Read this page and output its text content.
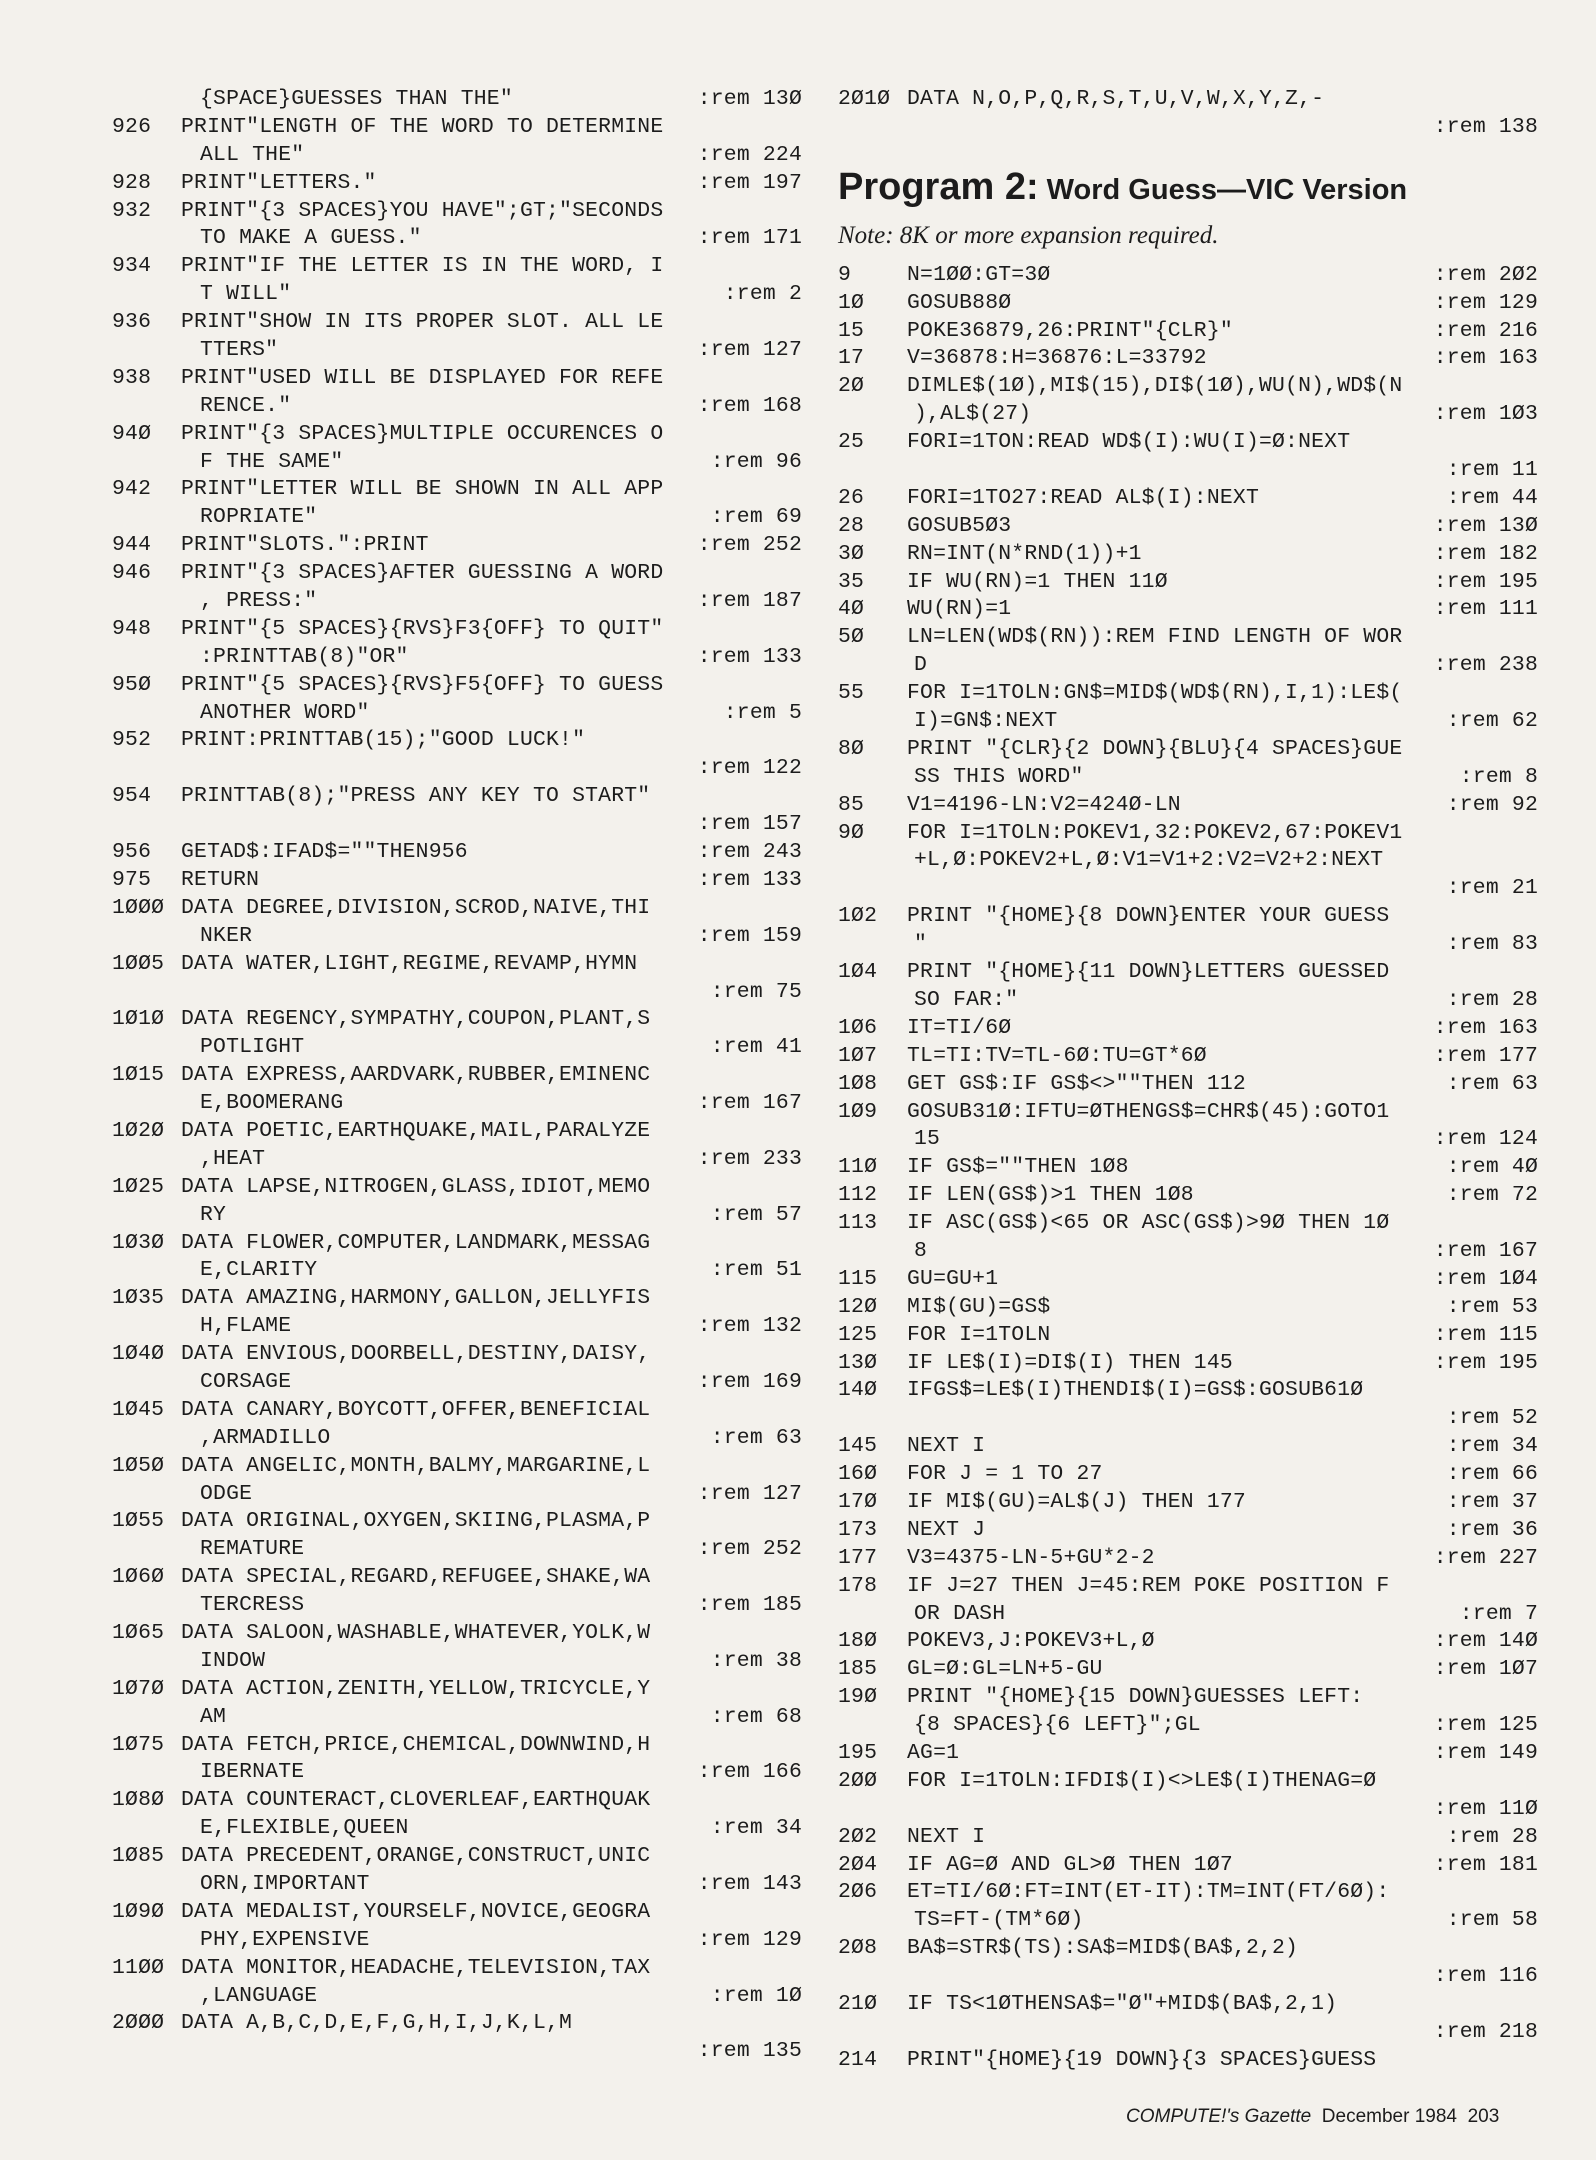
{SPACE}GUESSES THAN THE"	:rem 13Ø
926 PRINT"LENGTH OF THE WORD TO DETERMINE
ALL THE"	:rem 224
928 PRINT"LETTERS."	:rem 197
932 PRINT"{3 SPACES}YOU HAVE";GT;"SECONDS
TO MAKE A GUESS."	:rem 171
934 PRINT"IF THE LETTER IS IN THE WORD, I
T WILL"	:rem 2
936 PRINT"SHOW IN ITS PROPER SLOT. ALL LE
TTERS"	:rem 127
938 PRINT"USED WILL BE DISPLAYED FOR REFE
RENCE."	:rem 168
94Ø PRINT"{3 SPACES}MULTIPLE OCCURENCES O
F THE SAME"	:rem 96
942 PRINT"LETTER WILL BE SHOWN IN ALL APP
ROPRIATE"	:rem 69
944 PRINT"SLOTS.":PRINT	:rem 252
946 PRINT"{3 SPACES}AFTER GUESSING A WORD
, PRESS:"	:rem 187
948 PRINT"{5 SPACES}{RVS}F3{OFF} TO QUIT"
:PRINTTAB(8)"OR"	:rem 133
95Ø PRINT"{5 SPACES}{RVS}F5{OFF} TO GUESS
ANOTHER WORD"	:rem 5
952 PRINT:PRINTTAB(15);"GOOD LUCK!"
:rem 122
954 PRINTTAB(8);"PRESS ANY KEY TO START"
:rem 157
956 GETAD$:IFAD$=""THEN956	:rem 243
975 RETURN	:rem 133
1ØØØ DATA DEGREE,DIVISION,SCROD,NAIVE,THI
NKER	:rem 159
1ØØ5 DATA WATER,LIGHT,REGIME,REVAMP,HYMN
:rem 75
1Ø1Ø DATA REGENCY,SYMPATHY,COUPON,PLANT,S
POTLIGHT	:rem 41
1Ø15 DATA EXPRESS,AARDVARK,RUBBER,EMINENC
E,BOOMERANG	:rem 167
1Ø2Ø DATA POETIC,EARTHQUAKE,MAIL,PARALYZE
,HEAT	:rem 233
1Ø25 DATA LAPSE,NITROGEN,GLASS,IDIOT,MEMO
RY	:rem 57
1Ø3Ø DATA FLOWER,COMPUTER,LANDMARK,MESSAG
E,CLARITY	:rem 51
1Ø35 DATA AMAZING,HARMONY,GALLON,JELLYFIS
H,FLAME	:rem 132
1Ø4Ø DATA ENVIOUS,DOORBELL,DESTINY,DAISY,
CORSAGE	:rem 169
1Ø45 DATA CANARY,BOYCOTT,OFFER,BENEFICIAL
,ARMADILLO	:rem 63
1Ø5Ø DATA ANGELIC,MONTH,BALMY,MARGARINE,L
ODGE	:rem 127
1Ø55 DATA ORIGINAL,OXYGEN,SKIING,PLASMA,P
REMATURE	:rem 252
1Ø6Ø DATA SPECIAL,REGARD,REFUGEE,SHAKE,WA
TERCRESS	:rem 185
1Ø65 DATA SALOON,WASHABLE,WHATEVER,YOLK,W
INDOW	:rem 38
1Ø7Ø DATA ACTION,ZENITH,YELLOW,TRICYCLE,Y
AM	:rem 68
1Ø75 DATA FETCH,PRICE,CHEMICAL,DOWNWIND,H
IBERNATE	:rem 166
1Ø8Ø DATA COUNTERACT,CLOVERLEAF,EARTHQUAK
E,FLEXIBLE,QUEEN	:rem 34
1Ø85 DATA PRECEDENT,ORANGE,CONSTRUCT,UNIC
ORN,IMPORTANT	:rem 143
1Ø9Ø DATA MEDALIST,YOURSELF,NOVICE,GEOGRA
PHY,EXPENSIVE	:rem 129
11ØØ DATA MONITOR,HEADACHE,TELEVISION,TAX
,LANGUAGE	:rem 1Ø
2ØØØ DATA A,B,C,D,E,F,G,H,I,J,K,L,M
:rem 135
2Ø1Ø DATA N,O,P,Q,R,S,T,U,V,W,X,Y,Z,-
:rem 138
Program 2: Word Guess—VIC Version
Note: 8K or more expansion required.
9	N=1ØØ:GT=3Ø	:rem 2Ø2
1Ø GOSUB88Ø	:rem 129
15 POKE36879,26:PRINT"{CLR}"	:rem 216
17 V=36878:H=36876:L=33792	:rem 163
2Ø DIMLE$(1Ø),MI$(15),DI$(1Ø),WU(N),WD$(N
),AL$(27)	:rem 1Ø3
25 FORI=1TON:READ WD$(I):WU(I)=Ø:NEXT
:rem 11
26 FORI=1TO27:READ AL$(I):NEXT	:rem 44
28 GOSUB5Ø3	:rem 13Ø
3Ø RN=INT(N*RND(1))+1	:rem 182
35 IF WU(RN)=1 THEN 11Ø	:rem 195
4Ø WU(RN)=1	:rem 111
5Ø LN=LEN(WD$(RN)):REM FIND LENGTH OF WOR
D	:rem 238
55 FOR I=1TOLN:GN$=MID$(WD$(RN),I,1):LE$(
I)=GN$:NEXT	:rem 62
8Ø PRINT "{CLR}{2 DOWN}{BLU}{4 SPACES}GUE
SS THIS WORD"	:rem 8
85 V1=4196-LN:V2=424Ø-LN	:rem 92
9Ø FOR I=1TOLN:POKEV1,32:POKEV2,67:POKEV1
+L,Ø:POKEV2+L,Ø:V1=V1+2:V2=V2+2:NEXT
:rem 21
1Ø2 PRINT "{HOME}{8 DOWN}ENTER YOUR GUESS
"	:rem 83
1Ø4 PRINT "{HOME}{11 DOWN}LETTERS GUESSED
SO FAR:"	:rem 28
1Ø6 IT=TI/6Ø	:rem 163
1Ø7 TL=TI:TV=TL-6Ø:TU=GT*6Ø	:rem 177
1Ø8 GET GS$:IF GS$<>""THEN 112	:rem 63
1Ø9 GOSUB31Ø:IFTU=ØTHENGS$=CHR$(45):GOTO1
15	:rem 124
11Ø IF GS$=""THEN 1Ø8	:rem 4Ø
112 IF LEN(GS$)>1 THEN 1Ø8	:rem 72
113 IF ASC(GS$)<65 OR ASC(GS$)>9Ø THEN 1Ø
8	:rem 167
115 GU=GU+1	:rem 1Ø4
12Ø MI$(GU)=GS$	:rem 53
125 FOR I=1TOLN	:rem 115
13Ø IF LE$(I)=DI$(I) THEN 145	:rem 195
14Ø IFGS$=LE$(I)THENDI$(I)=GS$:GOSUB61Ø
:rem 52
145 NEXT I	:rem 34
16Ø FOR J = 1 TO 27	:rem 66
17Ø IF MI$(GU)=AL$(J) THEN 177	:rem 37
173 NEXT J	:rem 36
177 V3=4375-LN-5+GU*2-2	:rem 227
178 IF J=27 THEN J=45:REM POKE POSITION F
OR DASH	:rem 7
18Ø POKEV3,J:POKEV3+L,Ø	:rem 14Ø
185 GL=Ø:GL=LN+5-GU	:rem 1Ø7
19Ø PRINT "{HOME}{15 DOWN}GUESSES LEFT:
{8 SPACES}{6 LEFT}";GL	:rem 125
195 AG=1	:rem 149
2ØØ FOR I=1TOLN:IFDI$(I)<>LE$(I)THENAG=Ø
:rem 11Ø
2Ø2 NEXT I	:rem 28
2Ø4 IF AG=Ø AND GL>Ø THEN 1Ø7	:rem 181
2Ø6 ET=TI/6Ø:FT=INT(ET-IT):TM=INT(FT/6Ø):
TS=FT-(TM*6Ø)	:rem 58
2Ø8 BA$=STR$(TS):SA$=MID$(BA$,2,2)
:rem 116
21Ø IF TS<1ØTHENSA$="Ø"+MID$(BA$,2,1)
:rem 218
214 PRINT"{HOME}{19 DOWN}{3 SPACES}GUESS
COMPUTE!'s Gazette December 1984 203
